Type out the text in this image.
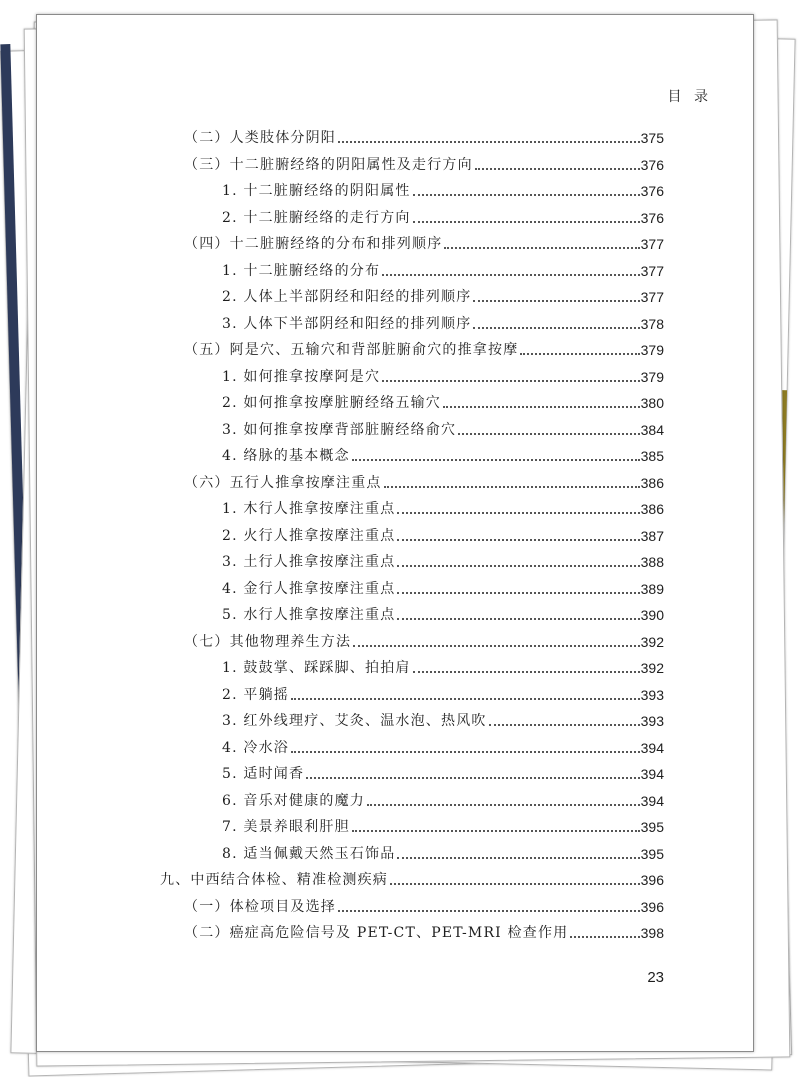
目 录
（二）人类肢体分阴阳	375
（三）十二脏腑经络的阴阳属性及走行方向	376
1. 十二脏腑经络的阴阳属性	376
2. 十二脏腑经络的走行方向	376
（四）十二脏腑经络的分布和排列顺序	377
1. 十二脏腑经络的分布	377
2. 人体上半部阴经和阳经的排列顺序	377
3. 人体下半部阴经和阳经的排列顺序	378
（五）阿是穴、五输穴和背部脏腑俞穴的推拿按摩	379
1. 如何推拿按摩阿是穴	379
2. 如何推拿按摩脏腑经络五输穴	380
3. 如何推拿按摩背部脏腑经络俞穴	384
4. 络脉的基本概念	385
（六）五行人推拿按摩注重点	386
1. 木行人推拿按摩注重点	386
2. 火行人推拿按摩注重点	387
3. 土行人推拿按摩注重点	388
4. 金行人推拿按摩注重点	389
5. 水行人推拿按摩注重点	390
（七）其他物理养生方法	392
1. 鼓鼓掌、踩踩脚、拍拍肩	392
2. 平躺摇	393
3. 红外线理疗、艾灸、温水泡、热风吹	393
4. 冷水浴	394
5. 适时闻香	394
6. 音乐对健康的魔力	394
7. 美景养眼利肝胆	395
8. 适当佩戴天然玉石饰品	395
九、中西结合体检、精准检测疾病	396
（一）体检项目及选择	396
（二）癌症高危险信号及 PET-CT、PET-MRI 检查作用	398
23
